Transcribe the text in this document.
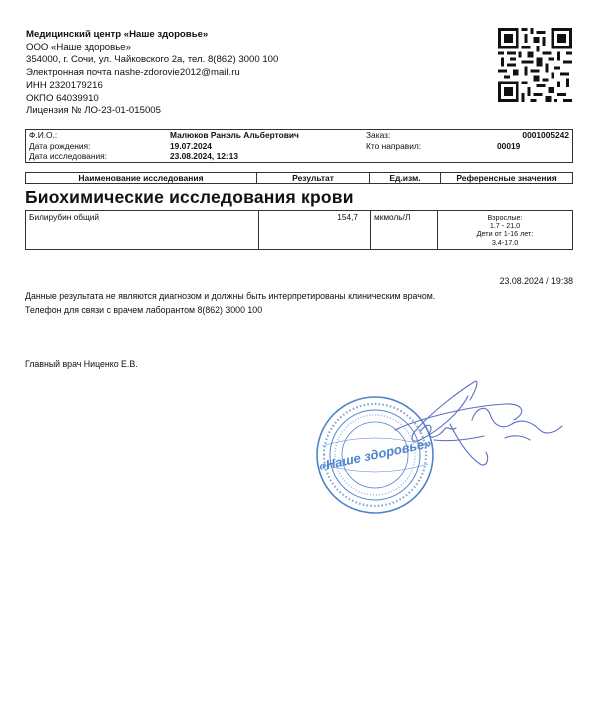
Медицинский центр «Наше здоровье»
ООО «Наше здоровье»
354000, г. Сочи, ул. Чайковского 2а, тел. 8(862) 3000 100
Электронная почта nashe-zdorovie2012@mail.ru
ИНН 2320179216
ОКПО 64039910
Лицензия № ЛО-23-01-015005
Ф.И.О.:	Малюков Ранэль Альбертович	Заказ:	0001005242
Дата рождения:	19.07.2024	Кто направил:	00019
Дата исследования:	23.08.2024, 12:13		
Наименование исследования	Результат	Ед.изм.	Референсные значения
Биохимические исследования крови
Билирубин общий	154,7	мкмоль/Л	Взрослые:
1.7 - 21.0
Дети от 1-16 лет:
3.4-17.0
23.08.2024 / 19:38
Данные результата не являются диагнозом и должны быть интерпретированы клиническим врачом.
Телефон для связи с врачем лаборантом 8(862) 3000 100
Главный врач Ниценко Е.В.
«Наше здоровье»
